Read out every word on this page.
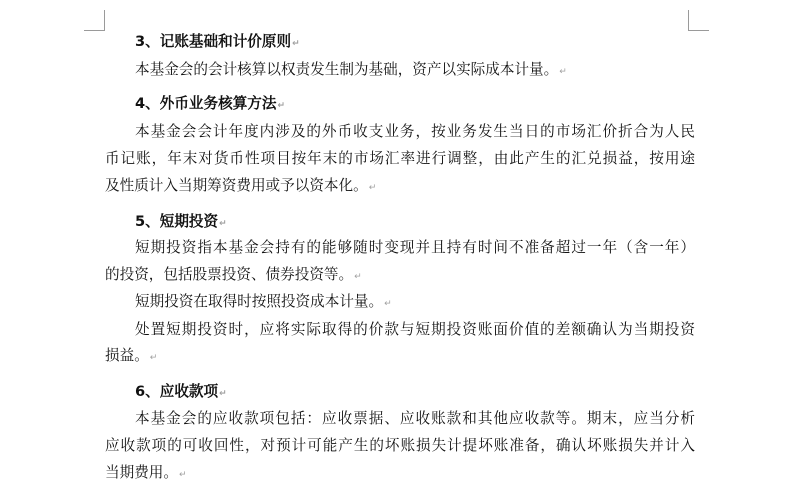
3、记账基础和计价原则↵
本基金会的会计核算以权责发生制为基础，资产以实际成本计量。↵
4、外币业务核算方法↵
本基金会会计年度内涉及的外币收支业务，按业务发生当日的市场汇价折合为人民
币记账，年末对货币性项目按年末的市场汇率进行调整，由此产生的汇兑损益，按用途
及性质计入当期筹资费用或予以资本化。↵
5、短期投资↵
短期投资指本基金会持有的能够随时变现并且持有时间不准备超过一年（含一年）
的投资，包括股票投资、债券投资等。↵
短期投资在取得时按照投资成本计量。↵
处置短期投资时，应将实际取得的价款与短期投资账面价值的差额确认为当期投资
损益。↵
6、应收款项↵
本基金会的应收款项包括：应收票据、应收账款和其他应收款等。期末，应当分析
应收款项的可收回性，对预计可能产生的坏账损失计提坏账准备，确认坏账损失并计入
当期费用。↵
